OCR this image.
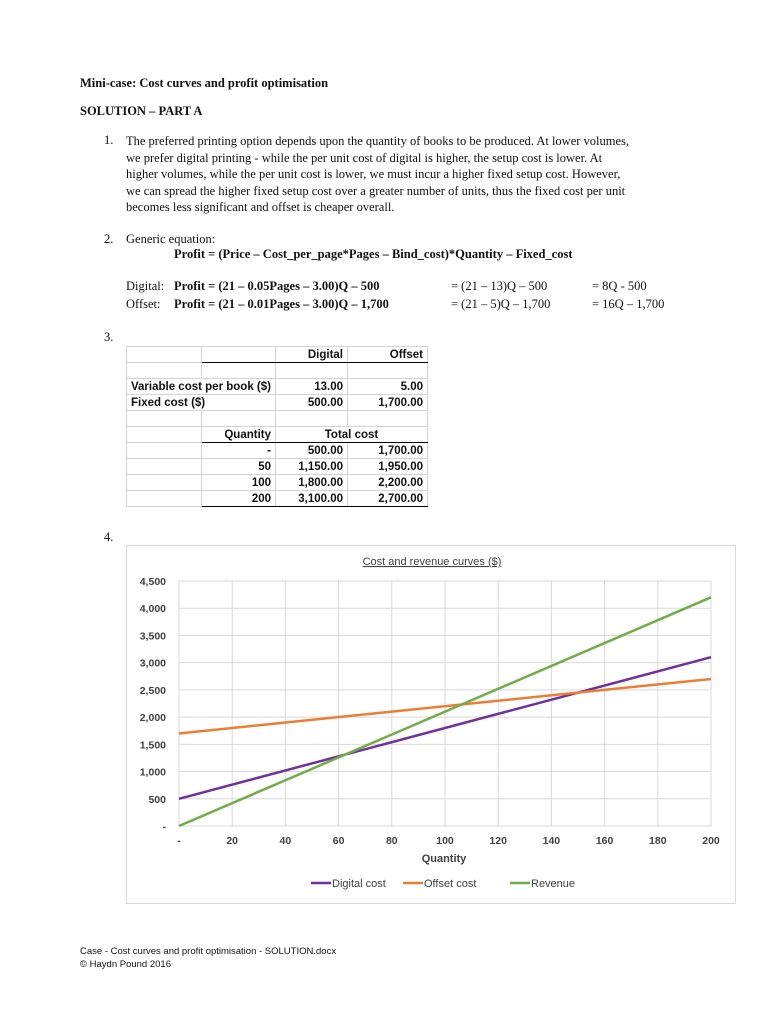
Mini-case: Cost curves and profit optimisation
SOLUTION – PART A
1. The preferred printing option depends upon the quantity of books to be produced. At lower volumes,
we prefer digital printing - while the per unit cost of digital is higher, the setup cost is lower. At
higher volumes, while the per unit cost is lower, we must incur a higher fixed setup cost. However,
we can spread the higher fixed setup cost over a greater number of units, thus the fixed cost per unit
becomes less significant and offset is cheaper overall.
2. Generic equation:
Profit = (Price – Cost_per_page*Pages – Bind_cost)*Quantity – Fixed_cost
Digital: Profit = (21 – 0.05Pages – 3.00)Q – 500	= (21 – 13)Q – 500	= 8Q - 500
Offset: Profit = (21 – 0.01Pages – 3.00)Q – 1,700	= (21 – 5)Q – 1,700	= 16Q – 1,700
3.
		Digital	Offset

Variable cost per book ($)		13.00	5.00
Fixed cost ($)		500.00	1,700.00

	Quantity	Total cost	
	-	500.00	1,700.00
	50	1,150.00	1,950.00
	100	1,800.00	2,200.00
	200	3,100.00	2,700.00
4.
Cost and revenue curves ($)
-
500
1,000
1,500
2,000
2,500
3,000
3,500
4,000
4,500
-	20	40	60	80	100	120	140	160	180	200
Quantity
Digital cost	Offset cost	Revenue
Case - Cost curves and profit optimisation - SOLUTION.docx
© Haydn Pound 2016
